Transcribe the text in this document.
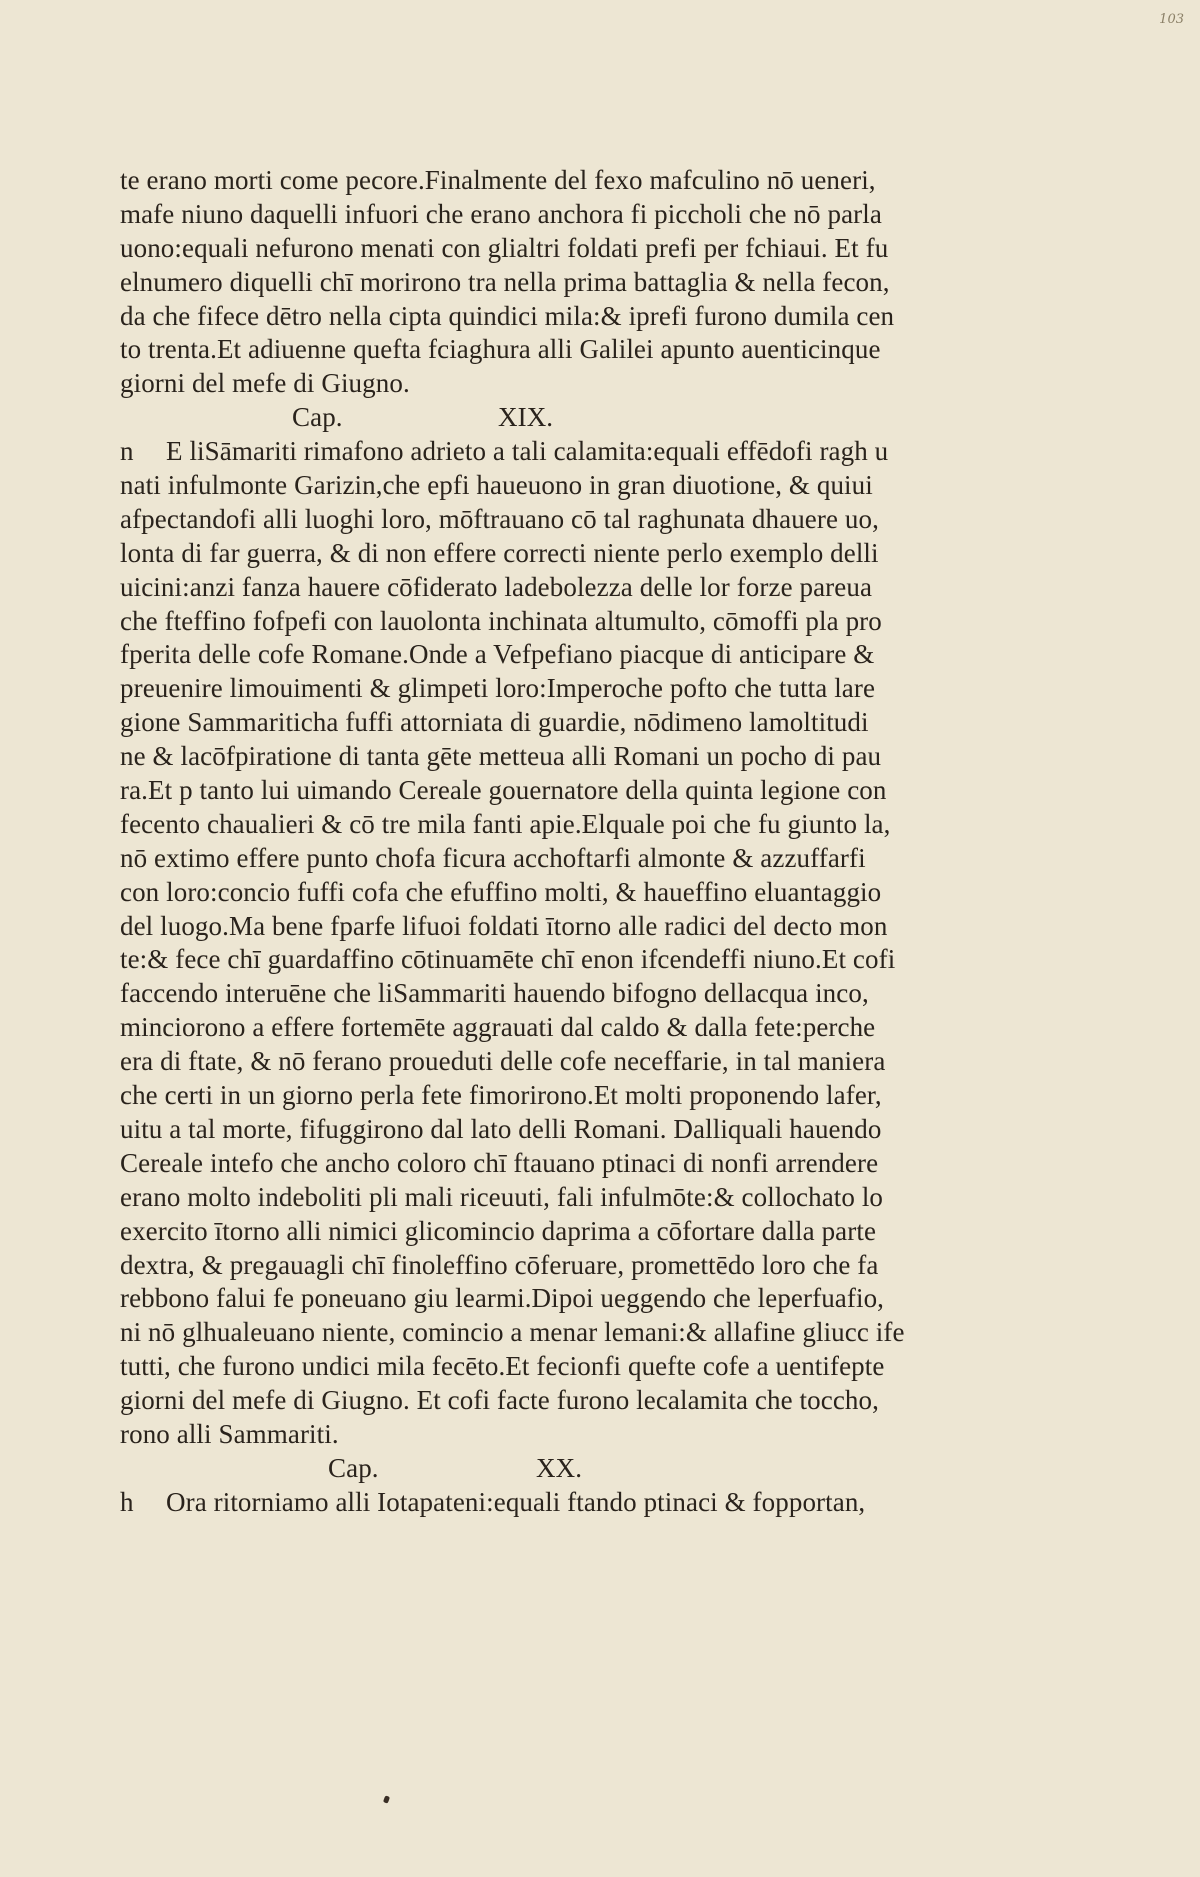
103
te erano morti come pecore.Finalmente del fexo mafculino nō ueneri,
mafe niuno daquelli infuori che erano anchora fi piccholi che nō parla
uono:equali nefurono menati con glialtri foldati prefi per fchiaui. Et fu
elnumero diquelli chī morirono tra nella prima battaglia & nella fecon,
da che fifece dētro nella cipta quindici mila:& iprefi furono dumila cen
to trenta.Et adiuenne quefta fciaghura alli Galilei apunto auenticinque
giorni del mefe di Giugno.
Cap.	XIX.
n E liSāmariti rimafono adrieto a tali calamita:equali effēdofi ragh u
nati infulmonte Garizin,che epfi haueuono in gran diuotione, & quiui
afpectandofi alli luoghi loro, mōftrauano cō tal raghunata dhauere uo,
lonta di far guerra, & di non effere correcti niente perlo exemplo delli
uicini:anzi fanza hauere cōfiderato ladebolezza delle lor forze pareua
che fteffino fofpefi con lauolonta inchinata altumulto, cōmoffi pla pro
fperita delle cofe Romane.Onde a Vefpefiano piacque di anticipare &
preuenire limouimenti & glimpeti loro:Imperoche pofto che tutta lare
gione Sammariticha fuffi attorniata di guardie, nōdimeno lamoltitudi
ne & lacōfpiratione di tanta gēte metteua alli Romani un pocho di pau
ra.Et p tanto lui uimando Cereale gouernatore della quinta legione con
fecento chaualieri & cō tre mila fanti apie.Elquale poi che fu giunto la,
nō extimo effere punto chofa ficura acchoftarfi almonte & azzuffarfi
con loro:concio fuffi cofa che efuffino molti, & haueffino eluantaggio
del luogo.Ma bene fparfe lifuoi foldati ītorno alle radici del decto mon
te:& fece chī guardaffino cōtinuamēte chī enon ifcendeffi niuno.Et cofi
faccendo interuēne che liSammariti hauendo bifogno dellacqua inco,
minciorono a effere fortemēte aggrauati dal caldo & dalla fete:perche
era di ftate, & nō ferano proueduti delle cofe neceffarie, in tal maniera
che certi in un giorno perla fete fimorirono.Et molti proponendo lafer,
uitu a tal morte, fifuggirono dal lato delli Romani. Dalliquali hauendo
Cereale intefo che ancho coloro chī ftauano ptinaci di nonfi arrendere
erano molto indeboliti pli mali riceuuti, fali infulmōte:& collochato lo
exercito ītorno alli nimici glicomincio daprima a cōfortare dalla parte
dextra, & pregauagli chī finoleffino cōferuare, promettēdo loro che fa
rebbono falui fe poneuano giu learmi.Dipoi ueggendo che leperfuafio,
ni nō glhualeuano niente, comincio a menar lemani:& allafine gliucc ife
tutti, che furono undici mila fecēto.Et fecionfi quefte cofe a uentifepte
giorni del mefe di Giugno. Et cofi facte furono lecalamita che toccho,
rono alli Sammariti.
Cap.	XX.
h Ora ritorniamo alli Iotapateni:equali ftando ptinaci & fopportan,
